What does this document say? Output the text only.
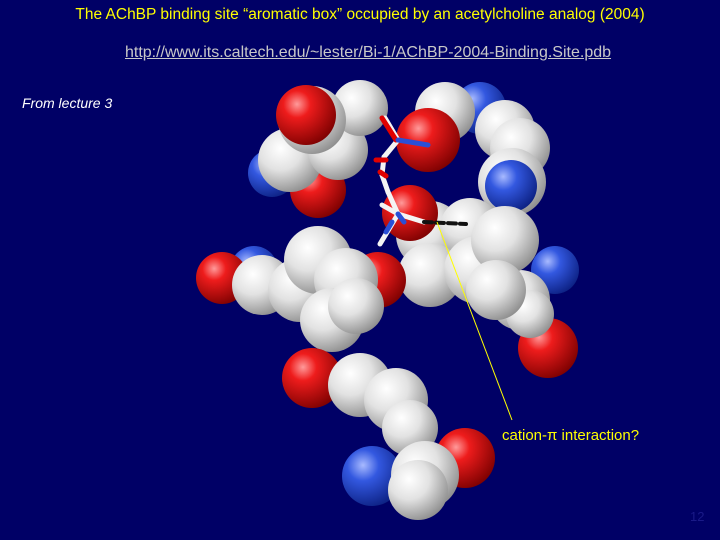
The AChBP binding site “aromatic box” occupied by an acetylcholine analog (2004)
http://www.its.caltech.edu/~lester/Bi-1/AChBP-2004-Binding.Site.pdb
From lecture 3
cation-π interaction?
12
